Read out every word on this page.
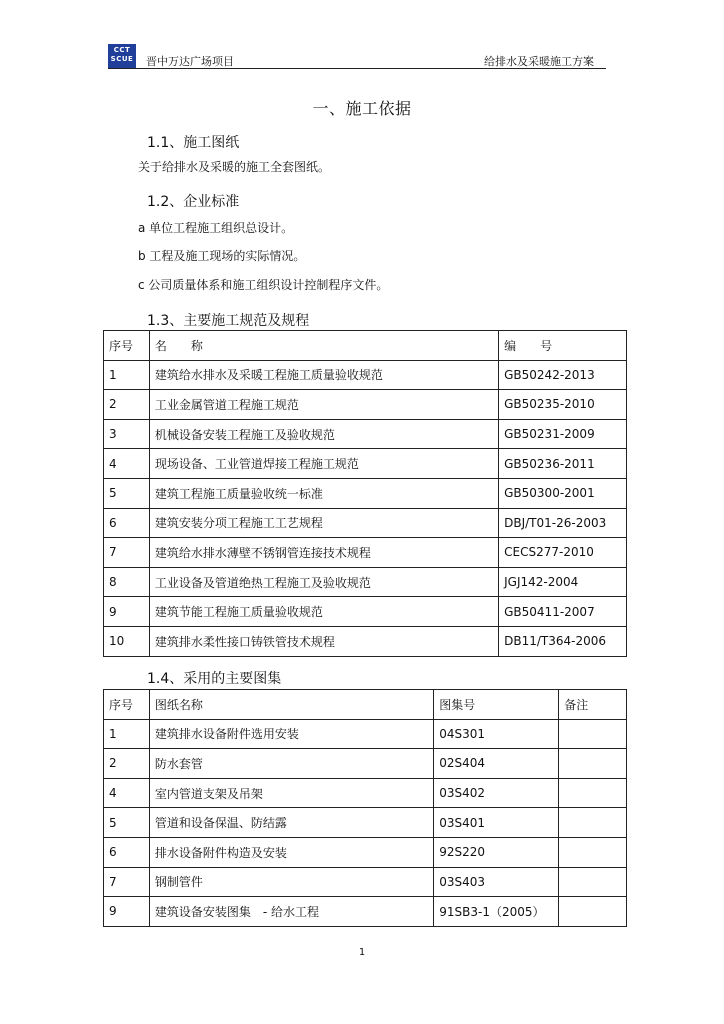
CCT
SCUE 晋中万达广场项目	给排水及采暖施工方案
一、施工依据
1.1、施工图纸
关于给排水及采暖的施工全套图纸。
1.2、企业标准
a 单位工程施工组织总设计。
b 工程及施工现场的实际情况。
c 公司质量体系和施工组织设计控制程序文件。
1.3、主要施工规范及规程
序号	名　　称	编　　号
1	建筑给水排水及采暖工程施工质量验收规范	GB50242-2013
2	工业金属管道工程施工规范	GB50235-2010
3	机械设备安装工程施工及验收规范	GB50231-2009
4	现场设备、工业管道焊接工程施工规范	GB50236-2011
5	建筑工程施工质量验收统一标准	GB50300-2001
6	建筑安装分项工程施工工艺规程	DBJ/T01-26-2003
7	建筑给水排水薄壁不锈钢管连接技术规程	CECS277-2010
8	工业设备及管道绝热工程施工及验收规范	JGJ142-2004
9	建筑节能工程施工质量验收规范	GB50411-2007
10	建筑排水柔性接口铸铁管技术规程	DB11/T364-2006
1.4、采用的主要图集
序号	图纸名称	图集号	备注
1	建筑排水设备附件选用安装	04S301	
2	防水套管	02S404	
4	室内管道支架及吊架	03S402	
5	管道和设备保温、防结露	03S401	
6	排水设备附件构造及安装	92S220	
7	钢制管件	03S403	
9	建筑设备安装图集　- 给水工程	91SB3-1（2005）	
1
